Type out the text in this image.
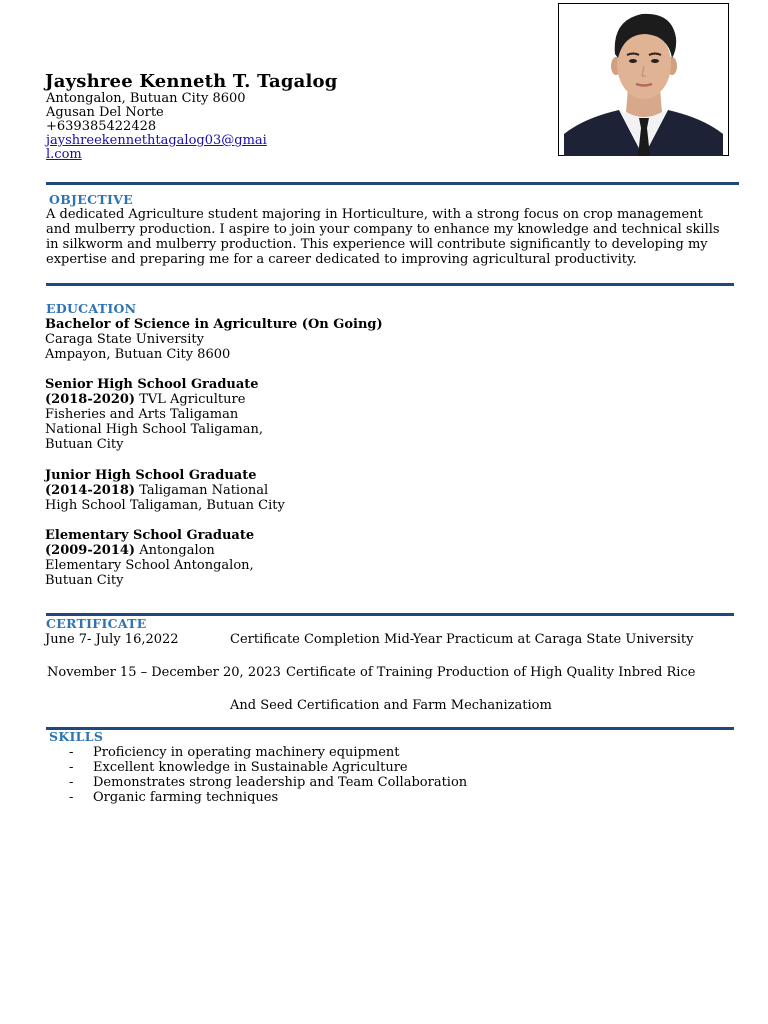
Jayshree Kenneth T. Tagalog
Antongalon, Butuan City 8600
Agusan Del Norte
+639385422428
jayshreekennethtagalog03@gmai
l.com
OBJECTIVE
A dedicated Agriculture student majoring in Horticulture, with a strong focus on crop management
and mulberry production. I aspire to join your company to enhance my knowledge and technical skills
in silkworm and mulberry production. This experience will contribute significantly to developing my
expertise and preparing me for a career dedicated to improving agricultural productivity.
EDUCATION
Bachelor of Science in Agriculture (On Going)
Caraga State University
Ampayon, Butuan City 8600
Senior High School Graduate
(2018-2020) TVL Agriculture
Fisheries and Arts Taligaman
National High School Taligaman,
Butuan City
Junior High School Graduate
(2014-2018) Taligaman National
High School Taligaman, Butuan City
Elementary School Graduate
(2009-2014) Antongalon
Elementary School Antongalon,
Butuan City
CERTIFICATE
June 7- July 16,2022	Certificate Completion Mid-Year Practicum at Caraga State University
November 15 – December 20, 2023 Certificate of Training Production of High Quality Inbred Rice
And Seed Certification and Farm Mechanizatiom
SKILLS
- Proficiency in operating machinery equipment
- Excellent knowledge in Sustainable Agriculture
- Demonstrates strong leadership and Team Collaboration
- Organic farming techniques
